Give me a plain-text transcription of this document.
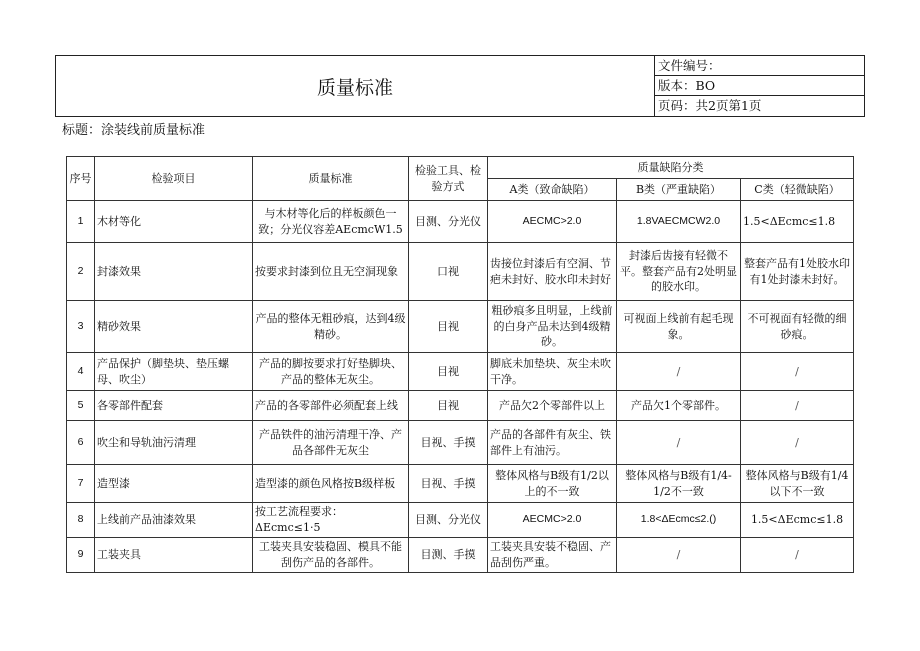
质量标准
文件编号：
版本：BO
页码：共2页第1页
标题：涂装线前质量标准
序号	检验项目	质量标准	检验工具、检验方式	质量缺陷分类		
				A类（致命缺陷）	B类（严重缺陷）	C类（轻微缺陷）
1	木材等化	与木材等化后的样板颜色一致；分光仪容差AEcmcW1.5	目测、分光仪	AECMC>2.0	1.8VAECMCW2.0	1.5<ΔEcmc≤1.8
2	封漆效果	按要求封漆到位且无空洞现象	口视	齿接位封漆后有空洞、节疤未封好、胶水印未封好	封漆后齿接有轻微不平。整套产品有2处明显的胶水印。	整套产品有1处胶水印有1处封漆未封好。
3	精砂效果	产品的整体无粗砂痕，达到4级精砂。	目视	粗砂痕多且明显，上线前的白身产品未达到4级精砂。	可视面上线前有起毛现象。	不可视面有轻微的细砂痕。
4	产品保护（脚垫块、垫压螺母、吹尘）	产品的脚按要求打好垫脚块、产品的整体无灰尘。	目视	脚底未加垫块、灰尘未吹干净。	/	/
5	各零部件配套	产品的各零部件必须配套上线	目视	产品欠2个零部件以上	产品欠1个零部件。	/
6	吹尘和导轨油污清理	产品铁件的油污清理干净、产品各部件无灰尘	目视、手摸	产品的各部件有灰尘、铁部件上有油污。	/	/
7	造型漆	造型漆的颜色风格按B级样板	目视、手摸	整体风格与B级有1/2以上的不一致	整体风格与B级有1/4-1/2不一致	整体风格与B级有1/4以下不一致
8	上线前产品油漆效果	按工艺流程要求：ΔEcmc≤1·5	目测、分光仪	AECMC>2.0	1.8<ΔEcmc≤2.()	1.5<ΔEcmc≤1.8
9	工装夹具	工装夹具安装稳固、模具不能刮伤产品的各部件。	目测、手摸	工装夹具安装不稳固、产品刮伤严重。	/	/
